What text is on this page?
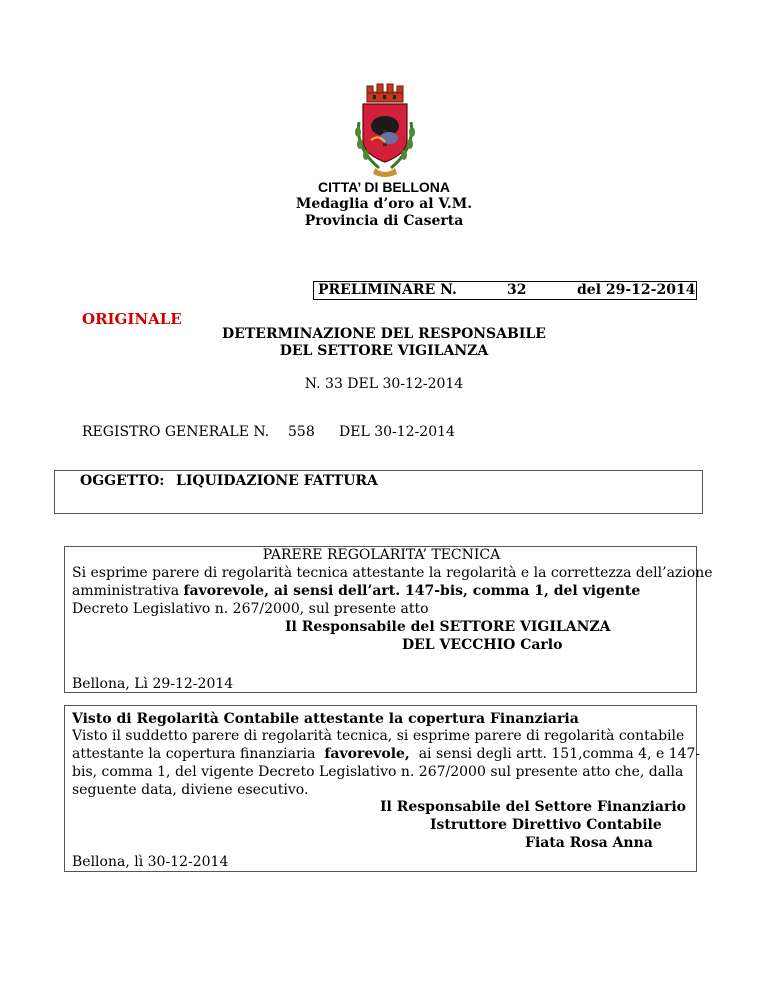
CITTA’ DI BELLONA
Medaglia d’oro al V.M.
Provincia di Caserta
PRELIMINARE N.	32	del 29-12-2014
ORIGINALE
DETERMINAZIONE DEL RESPONSABILE
DEL SETTORE VIGILANZA
N. 33 DEL 30-12-2014
REGISTRO GENERALE N. 558 DEL 30-12-2014
OGGETTO: LIQUIDAZIONE FATTURA
PARERE REGOLARITA’ TECNICA
Si esprime parere di regolarità tecnica attestante la regolarità e la correttezza dell’azione
amministrativa favorevole, ai sensi dell’art. 147-bis, comma 1, del vigente
Decreto Legislativo n. 267/2000, sul presente atto
Il Responsabile del SETTORE VIGILANZA
DEL VECCHIO Carlo
Bellona, Lì 29-12-2014
Visto di Regolarità Contabile attestante la copertura Finanziaria
Visto il suddetto parere di regolarità tecnica, si esprime parere di regolarità contabile
attestante la copertura finanziaria  favorevole,  ai sensi degli artt. 151,comma 4, e 147-
bis, comma 1, del vigente Decreto Legislativo n. 267/2000 sul presente atto che, dalla
seguente data, diviene esecutivo.
Il Responsabile del Settore Finanziario
Istruttore Direttivo Contabile
Fiata Rosa Anna
Bellona, lì 30-12-2014
